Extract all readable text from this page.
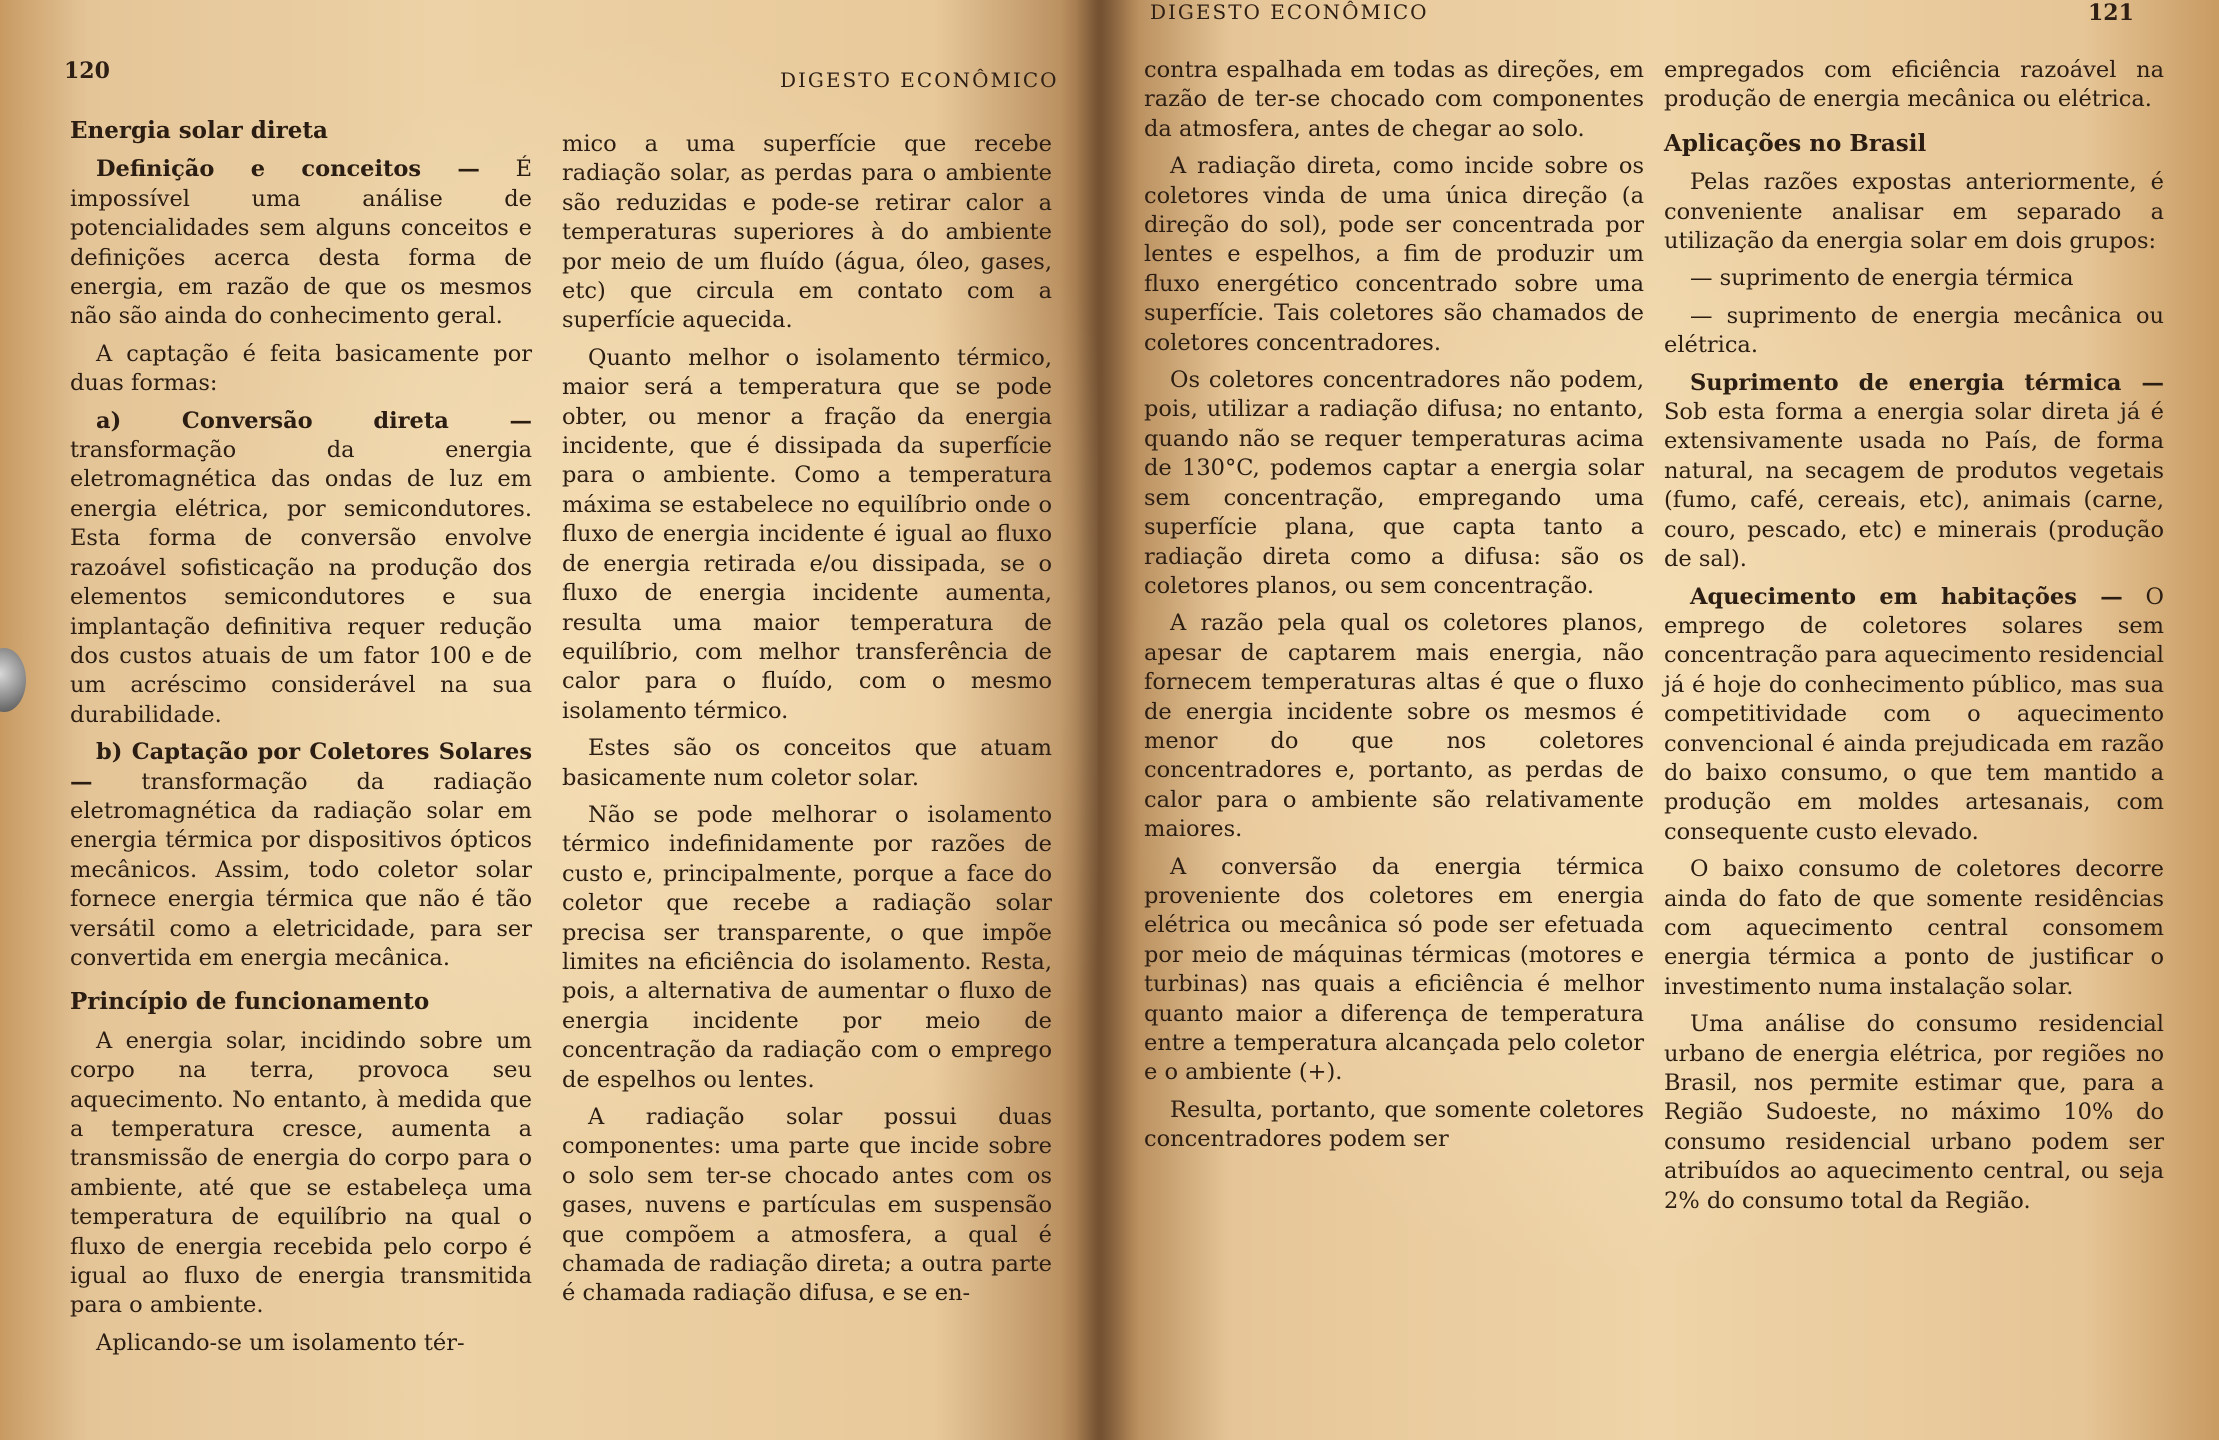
120	DIGESTO ECONÔMICO
Energia solar direta

Definição e conceitos — É impossível uma análise de potencialidades sem alguns conceitos e definições acerca desta forma de energia, em razão de que os mesmos não são ainda do conhecimento geral.

A captação é feita basicamente por duas formas:

a) Conversão direta — transformação da energia eletromagnética das ondas de luz em energia elétrica, por semicondutores. Esta forma de conversão envolve razoável sofisticação na produção dos elementos semicondutores e sua implantação definitiva requer redução dos custos atuais de um fator 100 e de um acréscimo considerável na sua durabilidade.

b) Captação por Coletores Solares — transformação da radiação eletromagnética da radiação solar em energia térmica por dispositivos ópticos mecânicos. Assim, todo coletor solar fornece energia térmica que não é tão versátil como a eletricidade, para ser convertida em energia mecânica.

Princípio de funcionamento

A energia solar, incidindo sobre um corpo na terra, provoca seu aquecimento. No entanto, à medida que a temperatura cresce, aumenta a transmissão de energia do corpo para o ambiente, até que se estabeleça uma temperatura de equilíbrio na qual o fluxo de energia recebida pelo corpo é igual ao fluxo de energia transmitida para o ambiente.

Aplicando-se um isolamento tér-

mico a uma superfície que recebe radiação solar, as perdas para o ambiente são reduzidas e pode-se retirar calor a temperaturas superiores à do ambiente por meio de um fluído (água, óleo, gases, etc) que circula em contato com a superfície aquecida.

Quanto melhor o isolamento térmico, maior será a temperatura que se pode obter, ou menor a fração da energia incidente, que é dissipada da superfície para o ambiente. Como a temperatura máxima se estabelece no equilíbrio onde o fluxo de energia incidente é igual ao fluxo de energia retirada e/ou dissipada, se o fluxo de energia incidente aumenta, resulta uma maior temperatura de equilíbrio, com melhor transferência de calor para o fluído, com o mesmo isolamento térmico.

Estes são os conceitos que atuam basicamente num coletor solar.

Não se pode melhorar o isolamento térmico indefinidamente por razões de custo e, principalmente, porque a face do coletor que recebe a radiação solar precisa ser transparente, o que impõe limites na eficiência do isolamento. Resta, pois, a alternativa de aumentar o fluxo de energia incidente por meio de concentração da radiação com o emprego de espelhos ou lentes.

A radiação solar possui duas componentes: uma parte que incide sobre o solo sem ter-se chocado antes com os gases, nuvens e partículas em suspensão que compõem a atmosfera, a qual é chamada de radiação direta; a outra parte é chamada radiação difusa, e se en-

DIGESTO ECONÔMICO	121

contra espalhada em todas as direções, em razão de ter-se chocado com componentes da atmosfera, antes de chegar ao solo.

A radiação direta, como incide sobre os coletores vinda de uma única direção (a direção do sol), pode ser concentrada por lentes e espelhos, a fim de produzir um fluxo energético concentrado sobre uma superfície. Tais coletores são chamados de coletores concentradores.

Os coletores concentradores não podem, pois, utilizar a radiação difusa; no entanto, quando não se requer temperaturas acima de 130°C, podemos captar a energia solar sem concentração, empregando uma superfície plana, que capta tanto a radiação direta como a difusa: são os coletores planos, ou sem concentração.

A razão pela qual os coletores planos, apesar de captarem mais energia, não fornecem temperaturas altas é que o fluxo de energia incidente sobre os mesmos é menor do que nos coletores concentradores e, portanto, as perdas de calor para o ambiente são relativamente maiores.

A conversão da energia térmica proveniente dos coletores em energia elétrica ou mecânica só pode ser efetuada por meio de máquinas térmicas (motores e turbinas) nas quais a eficiência é melhor quanto maior a diferença de temperatura entre a temperatura alcançada pelo coletor e o ambiente (+).

Resulta, portanto, que somente coletores concentradores podem ser

empregados com eficiência razoável na produção de energia mecânica ou elétrica.

Aplicações no Brasil

Pelas razões expostas anteriormente, é conveniente analisar em separado a utilização da energia solar em dois grupos:

— suprimento de energia térmica

— suprimento de energia mecânica ou elétrica.

Suprimento de energia térmica — Sob esta forma a energia solar direta já é extensivamente usada no País, de forma natural, na secagem de produtos vegetais (fumo, café, cereais, etc), animais (carne, couro, pescado, etc) e minerais (produção de sal).

Aquecimento em habitações — O emprego de coletores solares sem concentração para aquecimento residencial já é hoje do conhecimento público, mas sua competitividade com o aquecimento convencional é ainda prejudicada em razão do baixo consumo, o que tem mantido a produção em moldes artesanais, com consequente custo elevado.

O baixo consumo de coletores decorre ainda do fato de que somente residências com aquecimento central consomem energia térmica a ponto de justificar o investimento numa instalação solar.

Uma análise do consumo residencial urbano de energia elétrica, por regiões no Brasil, nos permite estimar que, para a Região Sudoeste, no máximo 10% do consumo residencial urbano podem ser atribuídos ao aquecimento central, ou seja 2% do consumo total da Região.
